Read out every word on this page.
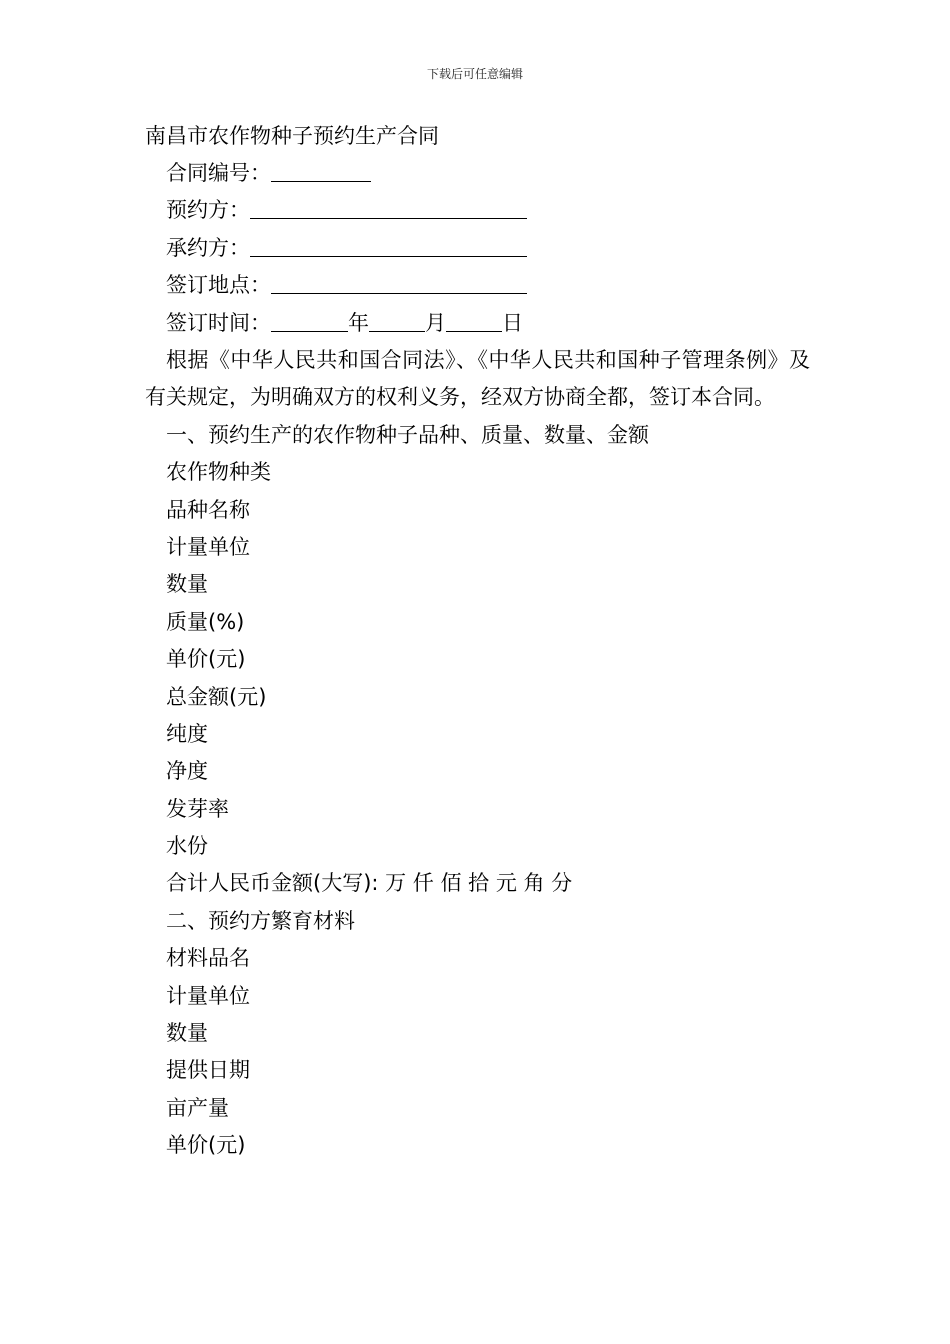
下载后可任意编辑
南昌市农作物种子预约生产合同
合同编号：
预约方：
承约方：
签订地点：
签订时间：	年	月	日
根据《中华人民共和国合同法》、《中华人民共和国种子管理条例》及有关规定，为明确双方的权利义务，经双方协商全都，签订本合同。
一、预约生产的农作物种子品种、质量、数量、金额
农作物种类
品种名称
计量单位
数量
质量(%)
单价(元)
总金额(元)
纯度
净度
发芽率
水份
合计人民币金额(大写): 万 仟 佰 拾 元 角 分
二、预约方繁育材料
材料品名
计量单位
数量
提供日期
亩产量
单价(元)
